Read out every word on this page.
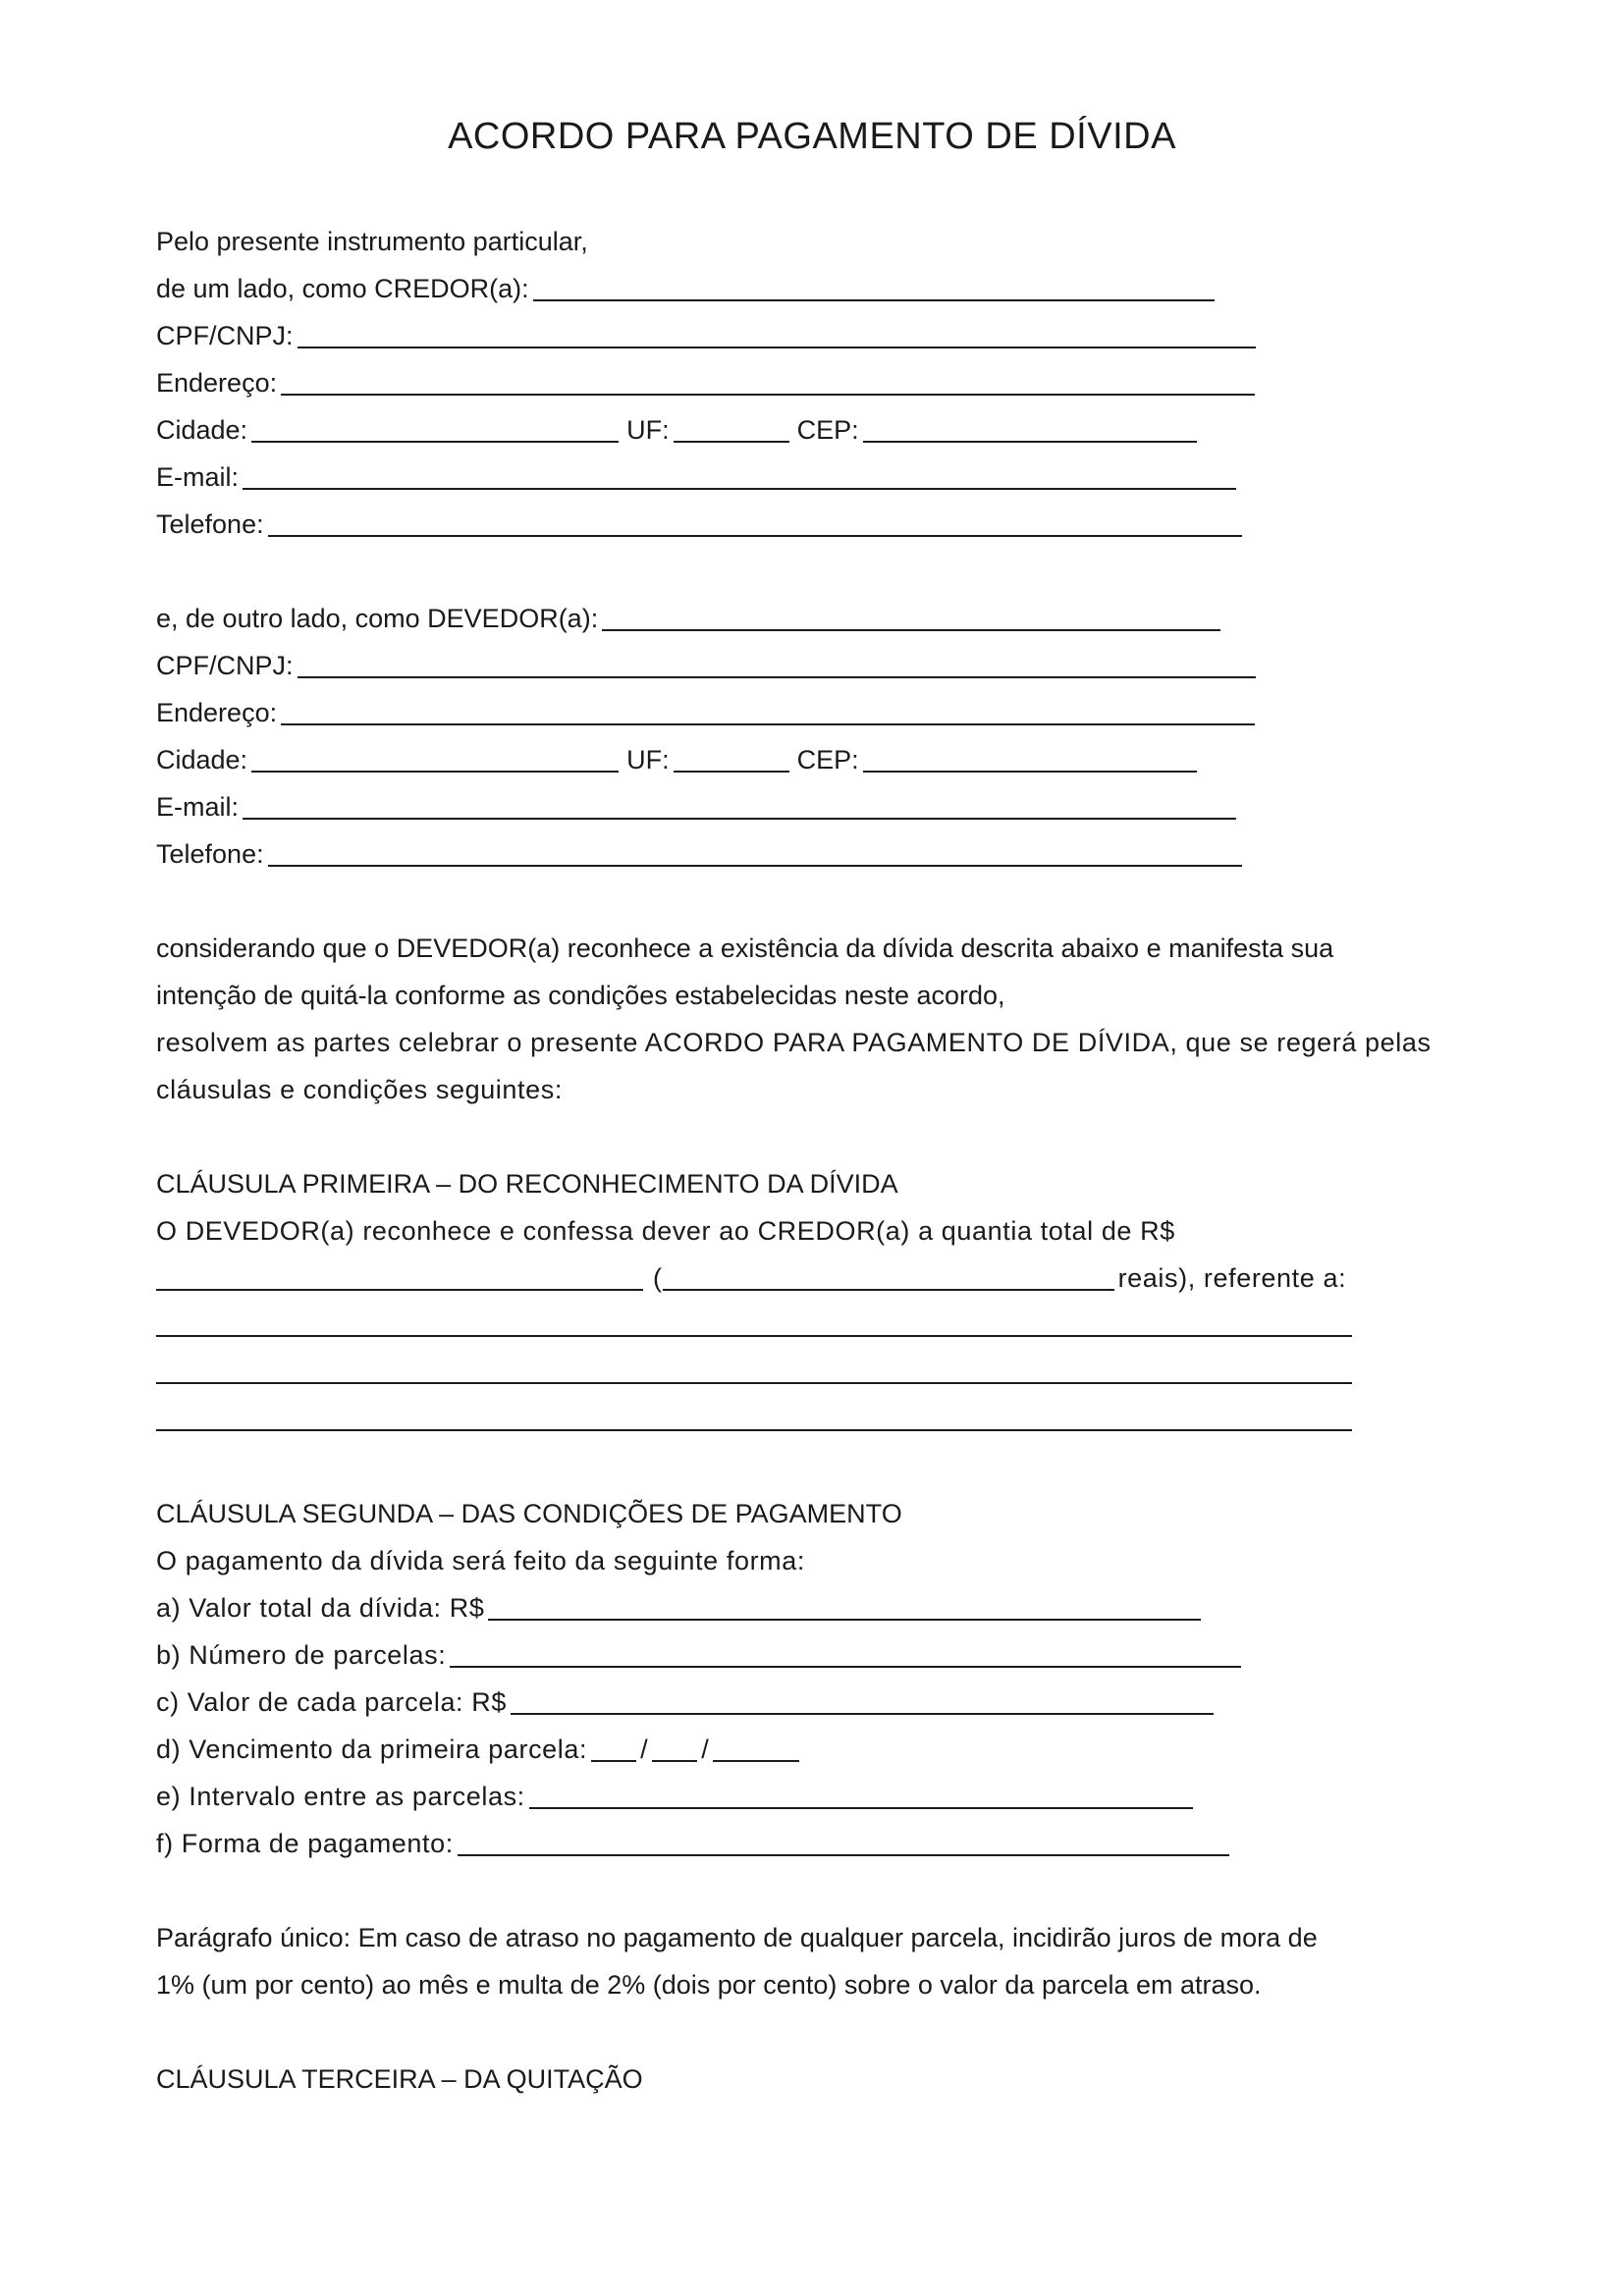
ACORDO PARA PAGAMENTO DE DÍVIDA
Pelo presente instrumento particular,
de um lado, como CREDOR(a):
CPF/CNPJ:
Endereço:
Cidade:	UF:	CEP:
E-mail:
Telefone:
e, de outro lado, como DEVEDOR(a):
CPF/CNPJ:
Endereço:
Cidade:	UF:	CEP:
E-mail:
Telefone:
considerando que o DEVEDOR(a) reconhece a existência da dívida descrita abaixo e manifesta sua
intenção de quitá-la conforme as condições estabelecidas neste acordo,
resolvem as partes celebrar o presente ACORDO PARA PAGAMENTO DE DÍVIDA, que se regerá pelas
cláusulas e condições seguintes:
CLÁUSULA PRIMEIRA – DO RECONHECIMENTO DA DÍVIDA
O DEVEDOR(a) reconhece e confessa dever ao CREDOR(a) a quantia total de R$
(	reais), referente a:
CLÁUSULA SEGUNDA – DAS CONDIÇÕES DE PAGAMENTO
O pagamento da dívida será feito da seguinte forma:
a) Valor total da dívida: R$
b) Número de parcelas:
c) Valor de cada parcela: R$
d) Vencimento da primeira parcela: / /
e) Intervalo entre as parcelas:
f) Forma de pagamento:
Parágrafo único: Em caso de atraso no pagamento de qualquer parcela, incidirão juros de mora de
1% (um por cento) ao mês e multa de 2% (dois por cento) sobre o valor da parcela em atraso.
CLÁUSULA TERCEIRA – DA QUITAÇÃO
